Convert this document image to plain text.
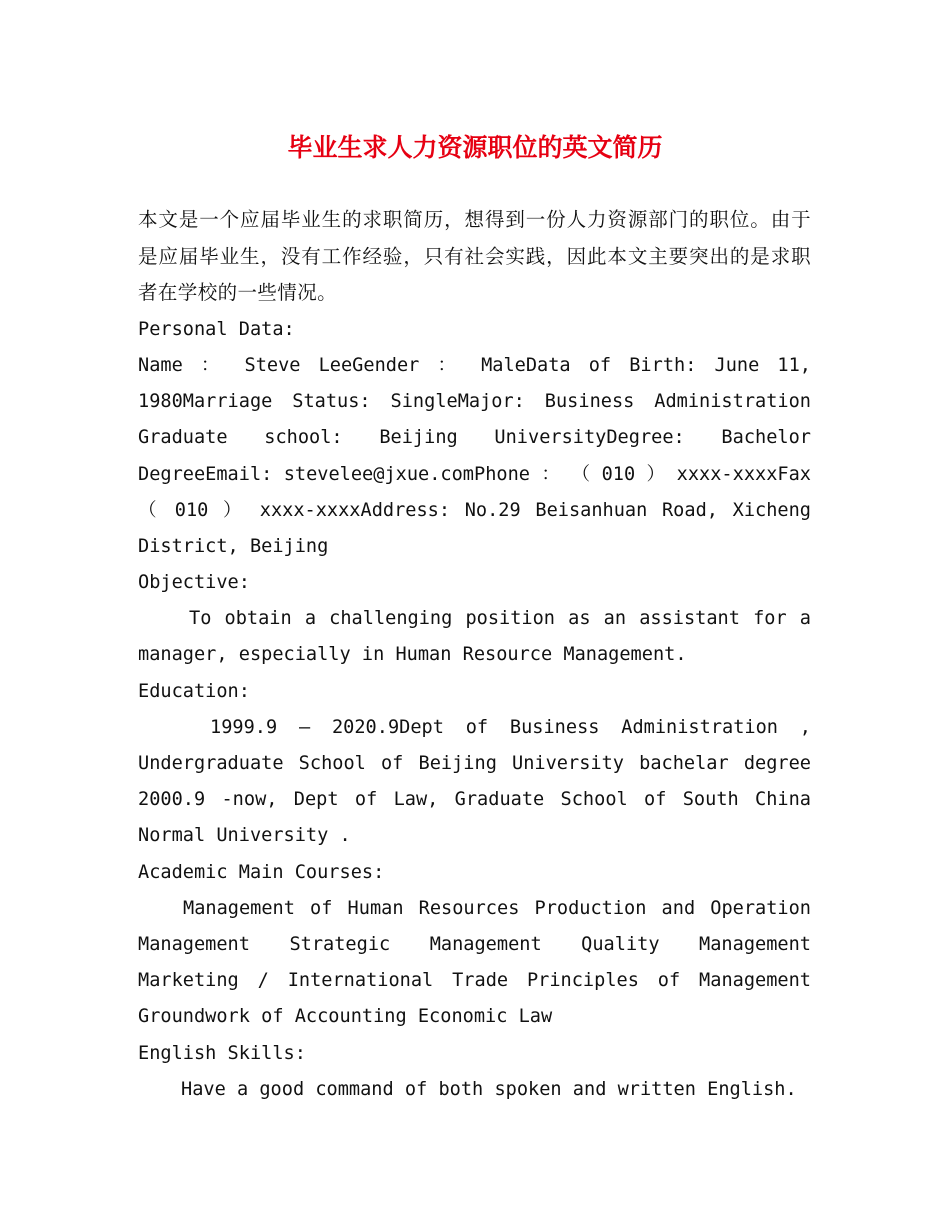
毕业生求人力资源职位的英文简历

本文是一个应届毕业生的求职简历，想得到一份人力资源部门的职位。由于是应届毕业生，没有工作经验，只有社会实践，因此本文主要突出的是求职者在学校的一些情况。

Personal Data:
Name ： Steve LeeGender ： MaleData of Birth: June 11,
1980Marriage Status: SingleMajor: Business Administration
Graduate school: Beijing UniversityDegree: Bachelor
DegreeEmail: stevelee@jxue.comPhone ： （ 010 ） xxxx-xxxxFax
（ 010 ） xxxx-xxxxAddress: No.29 Beisanhuan Road, Xicheng
District, Beijing
Objective:
To obtain a challenging position as an assistant for a
manager, especially in Human Resource Management.
Education:
1999.9 – 2020.9Dept of Business Administration ,
Undergraduate School of Beijing University bachelar degree
2000.9 -now, Dept of Law, Graduate School of South China
Normal University .
Academic Main Courses:
Management of Human Resources Production and Operation
Management Strategic Management Quality Management
Marketing / International Trade Principles of Management
Groundwork of Accounting Economic Law
English Skills:
Have a good command of both spoken and written English.
